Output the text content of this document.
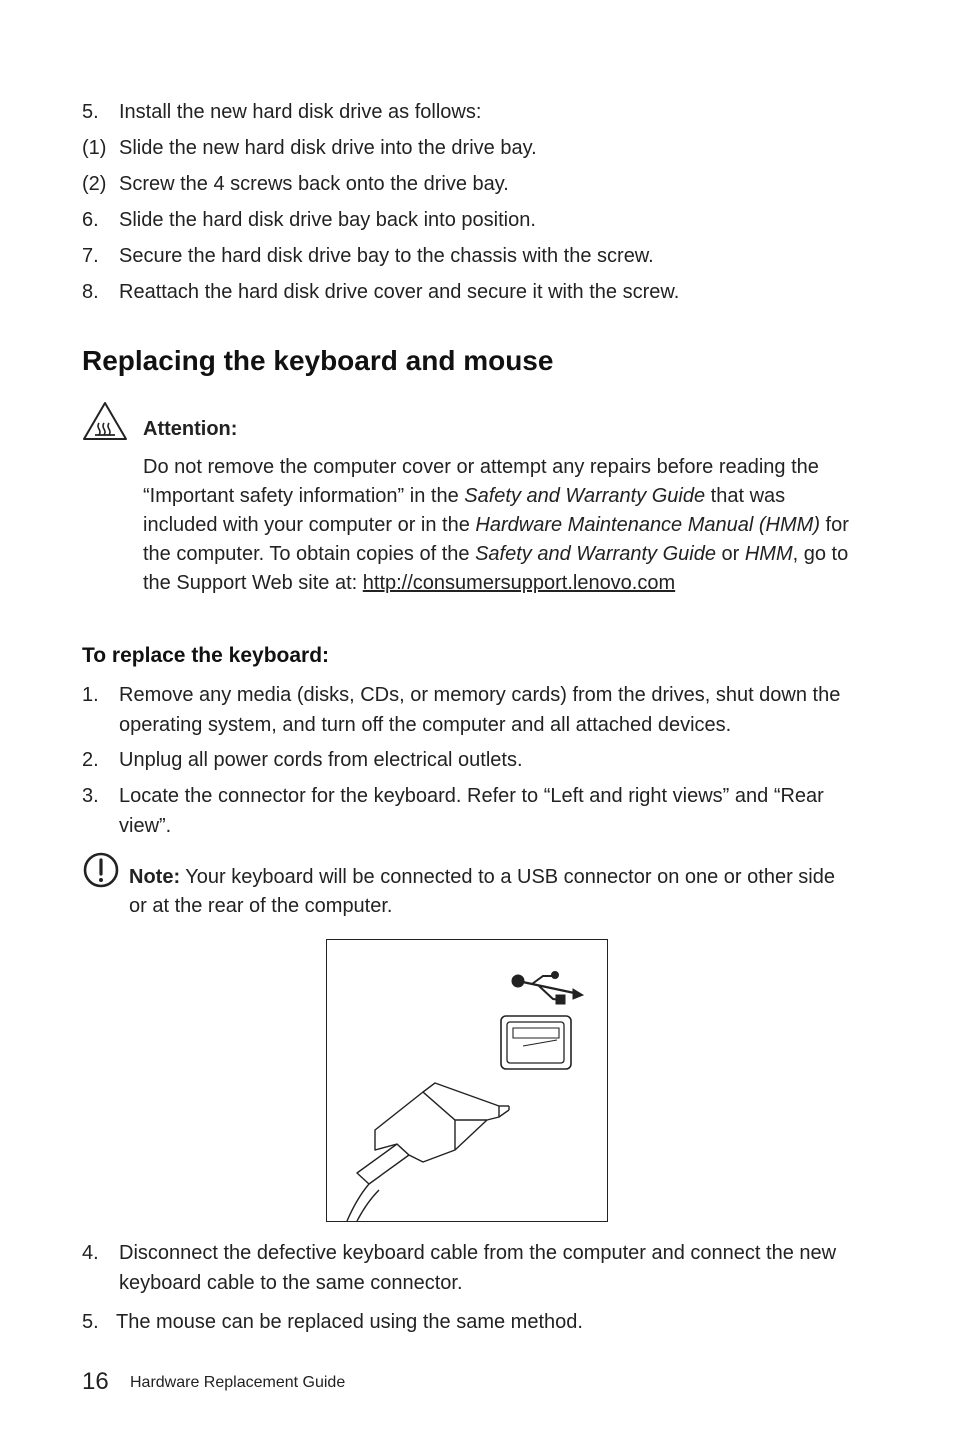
5. Install the new hard disk drive as follows:
(1) Slide the new hard disk drive into the drive bay.
(2) Screw the 4 screws back onto the drive bay.
6. Slide the hard disk drive bay back into position.
7. Secure the hard disk drive bay to the chassis with the screw.
8. Reattach the hard disk drive cover and secure it with the screw.
Replacing the keyboard and mouse
Attention:
Do not remove the computer cover or attempt any repairs before reading the “Important safety information” in the Safety and Warranty Guide that was included with your computer or in the Hardware Maintenance Manual (HMM) for the computer. To obtain copies of the Safety and Warranty Guide or HMM, go to the Support Web site at: http://consumersupport.lenovo.com
To replace the keyboard:
1. Remove any media (disks, CDs, or memory cards) from the drives, shut down the operating system, and turn off the computer and all attached devices.
2. Unplug all power cords from electrical outlets.
3. Locate the connector for the keyboard. Refer to “Left and right views” and “Rear view”.
Note: Your keyboard will be connected to a USB connector on one or other side or at the rear of the computer.
4. Disconnect the defective keyboard cable from the computer and connect the new keyboard cable to the same connector.
5. The mouse can be replaced using the same method.
16 Hardware Replacement Guide
